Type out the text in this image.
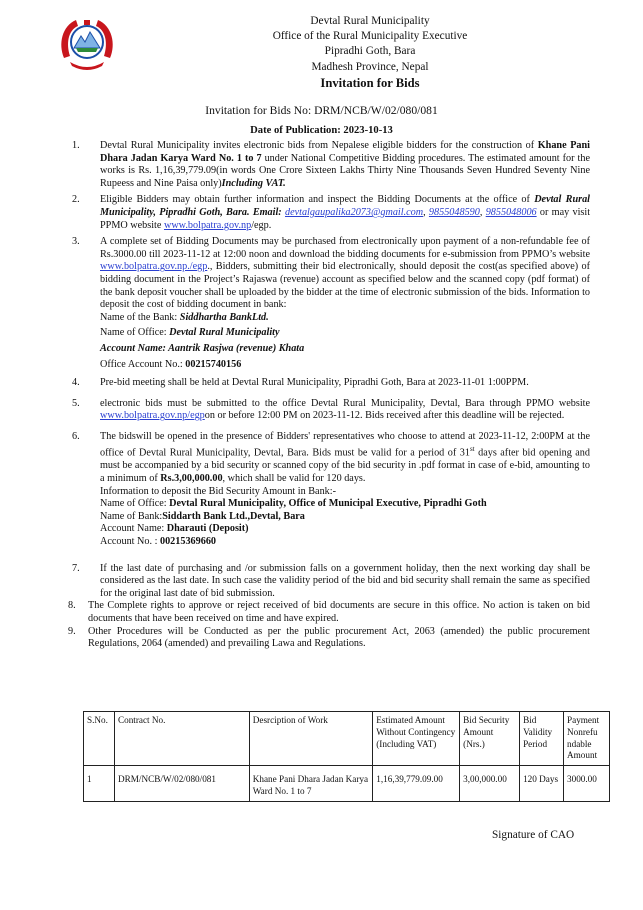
Devtal Rural Municipality
Office of the Rural Municipality Executive
Pipradhi Goth, Bara
Madhesh Province, Nepal
Invitation for Bids
Invitation for Bids No: DRM/NCB/W/02/080/081
Date of Publication: 2023-10-13
1. Devtal Rural Municipality invites electronic bids from Nepalese eligible bidders for the construction of Khane Pani Dhara Jadan Karya Ward No. 1 to 7 under National Competitive Bidding procedures. The estimated amount for the works is Rs. 1,16,39,779.09(in words One Crore Sixteen Lakhs Thirty Nine Thousands Seven Hundred Seventy Nine Rupeess and Nine Paisa only)Including VAT.

2. Eligible Bidders may obtain further information and inspect the Bidding Documents at the office of Devtal Rural Municipality, Pipradhi Goth, Bara. Email: devtalgaupalika2073@gmail.com, 9855048590, 9855048006 or may visit PPMO website www.bolpatra.gov.np/egp.

3. A complete set of Bidding Documents may be purchased from electronically upon payment of a non-refundable fee of Rs.3000.00 till 2023-11-12 at 12:00 noon and download the bidding documents for e-submission from PPMO’s website www.bolpatra.gov.np./egp., Bidders, submitting their bid electronically, should deposit the cost(as specified above) of bidding document in the Project’s Rajaswa (revenue) account as specified below and the scanned copy (pdf format) of the bank deposit voucher shall be uploaded by the bidder at the time of electronic submission of the bids. Information to deposit the cost of bidding document in bank:

Name of the Bank: Siddhartha BankLtd.

Name of Office: Devtal Rural Municipality

Account Name: Aantrik Rasjwa (revenue) Khata

Office Account No.: 00215740156

4. Pre-bid meeting shall be held at Devtal Rural Municipality, Pipradhi Goth, Bara at 2023-11-01 1:00PPM.

5. electronic bids must be submitted to the office Devtal Rural Municipality, Devtal, Bara through PPMO website www.bolpatra.gov.np/egpon or before 12:00 PM on 2023-11-12. Bids received after this deadline will be rejected.

6. The bidswill be opened in the presence of Bidders' representatives who choose to attend at 2023-11-12, 2:00PM at the office of Devtal Rural Municipality, Devtal, Bara. Bids must be valid for a period of 31st days after bid opening and must be accompanied by a bid security or scanned copy of the bid security in .pdf format in case of e-bid, amounting to a minimum of Rs.3,00,000.00, which shall be valid for 120 days.

Information to deposit the Bid Security Amount in Bank:-

Name of Office: Devtal Rural Municipality, Office of Municipal Executive, Pipradhi Goth

Name of Bank:Siddarth Bank Ltd.,Devtal, Bara

Account Name: Dharauti (Deposit)

Account No. : 00215369660

7. If the last date of purchasing and /or submission falls on a government holiday, then the next working day shall be considered as the last date. In such case the validity period of the bid and bid security shall remain the same as specified for the original last date of bid submission.

8. The Complete rights to approve or reject received of bid documents are secure in this office. No action is taken on bid documents that have been received on time and have expired.

9. Other Procedures will be Conducted as per the public procurement Act, 2063 (amended) the public procurement Regulations, 2064 (amended) and prevailing Lawa and Regulations.

S.No.	Contract No.	Desrciption of Work	Estimated Amount Without Contingency (Including VAT)	Bid Security Amount (Nrs.)	Bid Validity Period	Payment Nonrefu ndable Amount
1	DRM/NCB/W/02/080/081	Khane Pani Dhara Jadan Karya Ward No. 1 to 7	1,16,39,779.09.00	3,00,000.00	120 Days	3000.00
Signature of CAO
